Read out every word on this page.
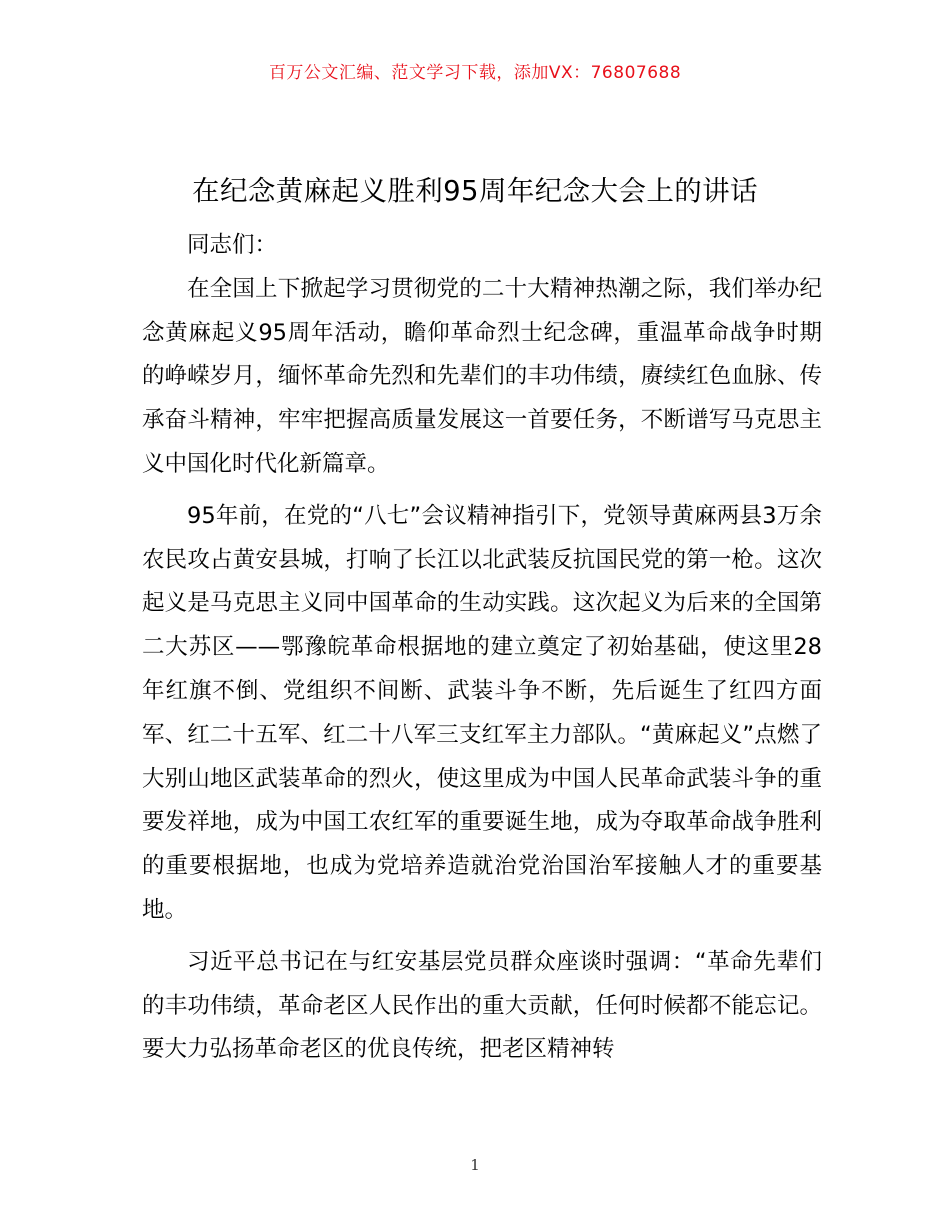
百万公文汇编、范文学习下载，添加VX：76807688
在纪念黄麻起义胜利95周年纪念大会上的讲话

同志们：

在全国上下掀起学习贯彻党的二十大精神热潮之际，我们举办纪念黄麻起义95周年活动，瞻仰革命烈士纪念碑，重温革命战争时期的峥嵘岁月，缅怀革命先烈和先辈们的丰功伟绩，赓续红色血脉、传承奋斗精神，牢牢把握高质量发展这一首要任务，不断谱写马克思主义中国化时代化新篇章。

95年前，在党的“八七”会议精神指引下，党领导黄麻两县3万余农民攻占黄安县城，打响了长江以北武装反抗国民党的第一枪。这次起义是马克思主义同中国革命的生动实践。这次起义为后来的全国第二大苏区——鄂豫皖革命根据地的建立奠定了初始基础，使这里28年红旗不倒、党组织不间断、武装斗争不断，先后诞生了红四方面军、红二十五军、红二十八军三支红军主力部队。“黄麻起义”点燃了大别山地区武装革命的烈火，使这里成为中国人民革命武装斗争的重要发祥地，成为中国工农红军的重要诞生地，成为夺取革命战争胜利的重要根据地，也成为党培养造就治党治国治军接触人才的重要基地。

习近平总书记在与红安基层党员群众座谈时强调：“革命先辈们的丰功伟绩，革命老区人民作出的重大贡献，任何时候都不能忘记。要大力弘扬革命老区的优良传统，把老区精神转

1
